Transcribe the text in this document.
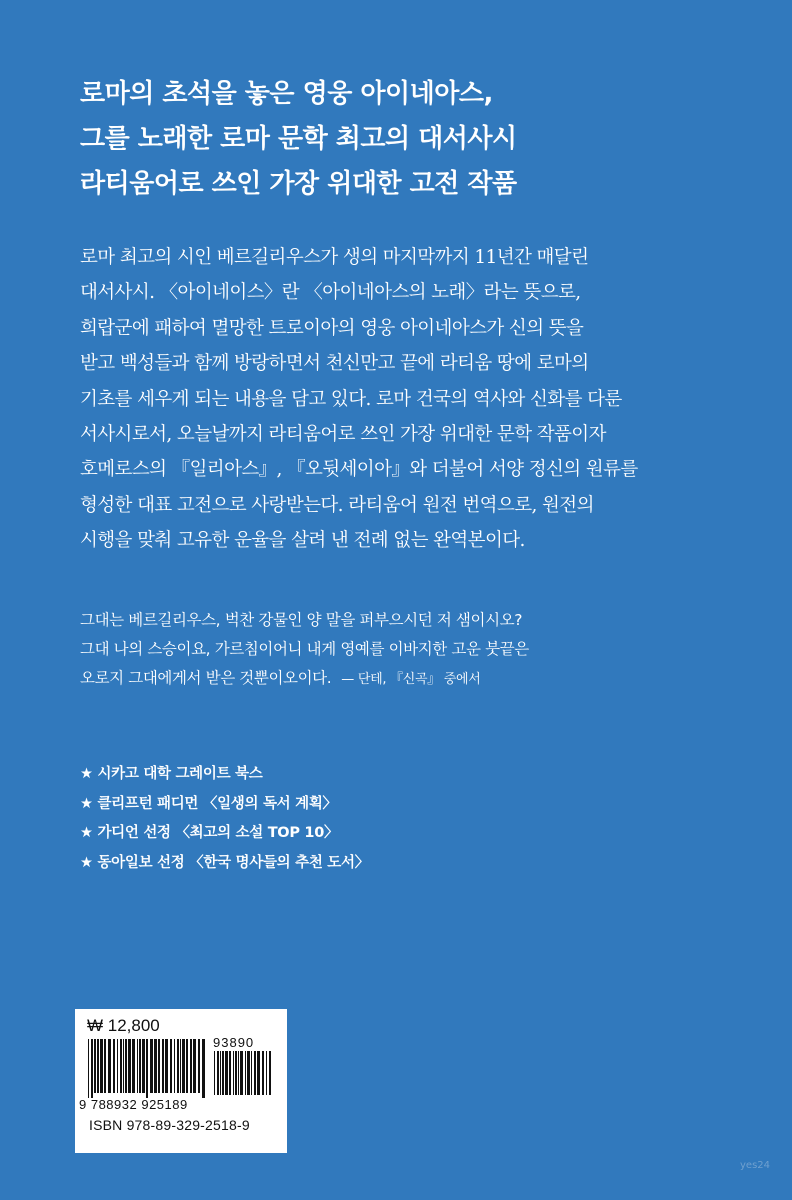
로마의 초석을 놓은 영웅 아이네아스,
그를 노래한 로마 문학 최고의 대서사시
라티움어로 쓰인 가장 위대한 고전 작품
로마 최고의 시인 베르길리우스가 생의 마지막까지 11년간 매달린
대서사시. 〈아이네이스〉란 〈아이네아스의 노래〉라는 뜻으로,
희랍군에 패하여 멸망한 트로이아의 영웅 아이네아스가 신의 뜻을
받고 백성들과 함께 방랑하면서 천신만고 끝에 라티움 땅에 로마의
기초를 세우게 되는 내용을 담고 있다. 로마 건국의 역사와 신화를 다룬
서사시로서, 오늘날까지 라티움어로 쓰인 가장 위대한 문학 작품이자
호메로스의 『일리아스』, 『오뒷세이아』와 더불어 서양 정신의 원류를
형성한 대표 고전으로 사랑받는다. 라티움어 원전 번역으로, 원전의
시행을 맞춰 고유한 운율을 살려 낸 전례 없는 완역본이다.
그대는 베르길리우스, 벅찬 강물인 양 말을 퍼부으시던 저 샘이시오?
그대 나의 스승이요, 가르침이어니 내게 영예를 이바지한 고운 붓끝은
오로지 그대에게서 받은 것뿐이오이다. — 단테, 『신곡』 중에서
★ 시카고 대학 그레이트 북스
★ 클리프턴 패디먼 〈일생의 독서 계획〉
★ 가디언 선정 〈최고의 소설 TOP 10〉
★ 동아일보 선정 〈한국 명사들의 추천 도서〉
₩ 12,800
93890
9 788932 925189
ISBN 978-89-329-2518-9
yes24
